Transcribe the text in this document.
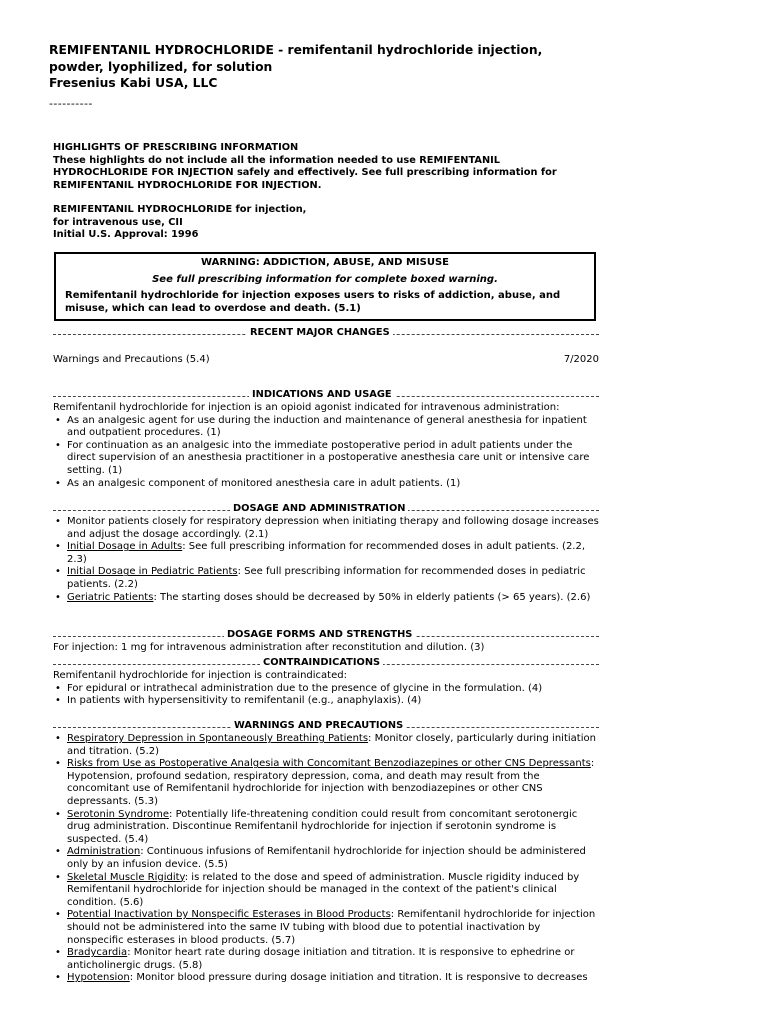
REMIFENTANIL HYDROCHLORIDE - remifentanil hydrochloride injection,
powder, lyophilized, for solution
Fresenius Kabi USA, LLC
----------
HIGHLIGHTS OF PRESCRIBING INFORMATION
These highlights do not include all the information needed to use REMIFENTANIL
HYDROCHLORIDE FOR INJECTION safely and effectively. See full prescribing information for
REMIFENTANIL HYDROCHLORIDE FOR INJECTION.
REMIFENTANIL HYDROCHLORIDE for injection,
for intravenous use, CII
Initial U.S. Approval: 1996
WARNING: ADDICTION, ABUSE, AND MISUSE
See full prescribing information for complete boxed warning.
Remifentanil hydrochloride for injection exposes users to risks of addiction, abuse, and misuse, which can lead to overdose and death. (5.1)
RECENT MAJOR CHANGES
Warnings and Precautions (5.4)	7/2020
INDICATIONS AND USAGE

Remifentanil hydrochloride for injection is an opioid agonist indicated for intravenous administration:

• As an analgesic agent for use during the induction and maintenance of general anesthesia for inpatient and outpatient procedures. (1)
• For continuation as an analgesic into the immediate postoperative period in adult patients under the direct supervision of an anesthesia practitioner in a postoperative anesthesia care unit or intensive care setting. (1)
• As an analgesic component of monitored anesthesia care in adult patients. (1)
DOSAGE AND ADMINISTRATION
• Monitor patients closely for respiratory depression when initiating therapy and following dosage increases and adjust the dosage accordingly. (2.1)
• Initial Dosage in Adults: See full prescribing information for recommended doses in adult patients. (2.2, 2.3)
• Initial Dosage in Pediatric Patients: See full prescribing information for recommended doses in pediatric patients. (2.2)
• Geriatric Patients: The starting doses should be decreased by 50% in elderly patients (> 65 years). (2.6)
DOSAGE FORMS AND STRENGTHS

For injection: 1 mg for intravenous administration after reconstitution and dilution. (3)

CONTRAINDICATIONS

Remifentanil hydrochloride for injection is contraindicated:

• For epidural or intrathecal administration due to the presence of glycine in the formulation. (4)
• In patients with hypersensitivity to remifentanil (e.g., anaphylaxis). (4)
WARNINGS AND PRECAUTIONS
• Respiratory Depression in Spontaneously Breathing Patients: Monitor closely, particularly during initiation and titration. (5.2)
• Risks from Use as Postoperative Analgesia with Concomitant Benzodiazepines or other CNS Depressants: Hypotension, profound sedation, respiratory depression, coma, and death may result from the concomitant use of Remifentanil hydrochloride for injection with benzodiazepines or other CNS depressants. (5.3)
• Serotonin Syndrome: Potentially life-threatening condition could result from concomitant serotonergic drug administration. Discontinue Remifentanil hydrochloride for injection if serotonin syndrome is suspected. (5.4)
• Administration: Continuous infusions of Remifentanil hydrochloride for injection should be administered only by an infusion device. (5.5)
• Skeletal Muscle Rigidity: is related to the dose and speed of administration. Muscle rigidity induced by Remifentanil hydrochloride for injection should be managed in the context of the patient's clinical condition. (5.6)
• Potential Inactivation by Nonspecific Esterases in Blood Products: Remifentanil hydrochloride for injection should not be administered into the same IV tubing with blood due to potential inactivation by nonspecific esterases in blood products. (5.7)
• Bradycardia: Monitor heart rate during dosage initiation and titration. It is responsive to ephedrine or anticholinergic drugs. (5.8)
• Hypotension: Monitor blood pressure during dosage initiation and titration. It is responsive to decreases
